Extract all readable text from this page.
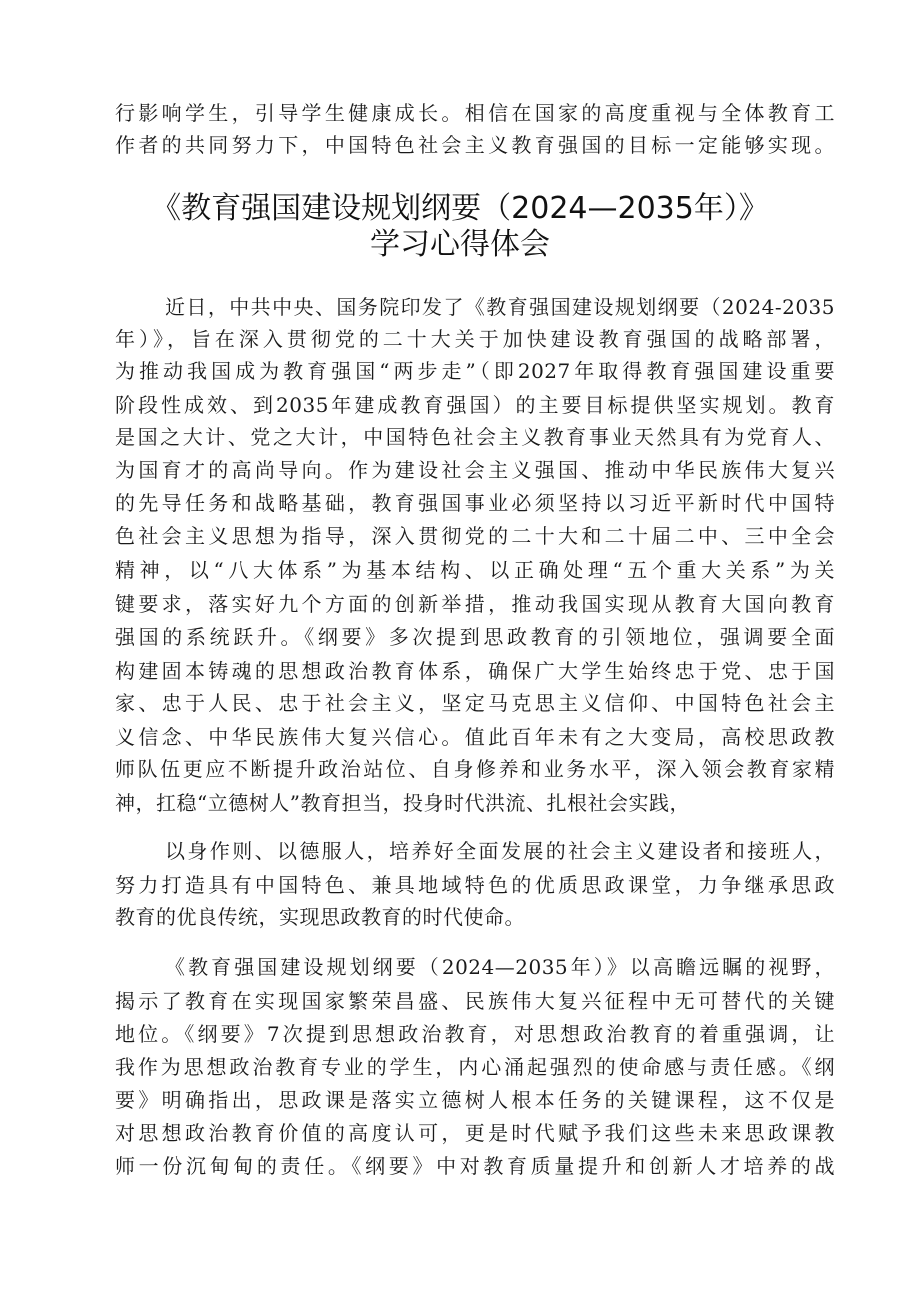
行影响学生，引导学生健康成长。相信在国家的高度重视与全体教育工
作者的共同努力下，中国特色社会主义教育强国的目标一定能够实现。
《教育强国建设规划纲要（2024—2035年）》
学习心得体会
近日，中共中央、国务院印发了《教育强国建设规划纲要（2024-2035
年）》，旨在深入贯彻党的二十大关于加快建设教育强国的战略部署，
为推动我国成为教育强国“两步走”（即2027年取得教育强国建设重要
阶段性成效、到2035年建成教育强国）的主要目标提供坚实规划。教育
是国之大计、党之大计，中国特色社会主义教育事业天然具有为党育人、
为国育才的高尚导向。作为建设社会主义强国、推动中华民族伟大复兴
的先导任务和战略基础，教育强国事业必须坚持以习近平新时代中国特
色社会主义思想为指导，深入贯彻党的二十大和二十届二中、三中全会
精神，以“八大体系”为基本结构、以正确处理“五个重大关系”为关
键要求，落实好九个方面的创新举措，推动我国实现从教育大国向教育
强国的系统跃升。《纲要》多次提到思政教育的引领地位，强调要全面
构建固本铸魂的思想政治教育体系，确保广大学生始终忠于党、忠于国
家、忠于人民、忠于社会主义，坚定马克思主义信仰、中国特色社会主
义信念、中华民族伟大复兴信心。值此百年未有之大变局，高校思政教
师队伍更应不断提升政治站位、自身修养和业务水平，深入领会教育家精
神，扛稳“立德树人”教育担当，投身时代洪流、扎根社会实践，
以身作则、以德服人，培养好全面发展的社会主义建设者和接班人，
努力打造具有中国特色、兼具地域特色的优质思政课堂，力争继承思政
教育的优良传统，实现思政教育的时代使命。
《教育强国建设规划纲要（2024—2035年）》以高瞻远瞩的视野，
揭示了教育在实现国家繁荣昌盛、民族伟大复兴征程中无可替代的关键
地位。《纲要》7次提到思想政治教育，对思想政治教育的着重强调，让
我作为思想政治教育专业的学生，内心涌起强烈的使命感与责任感。《纲
要》明确指出，思政课是落实立德树人根本任务的关键课程，这不仅是
对思想政治教育价值的高度认可，更是时代赋予我们这些未来思政课教
师一份沉甸甸的责任。《纲要》中对教育质量提升和创新人才培养的战
